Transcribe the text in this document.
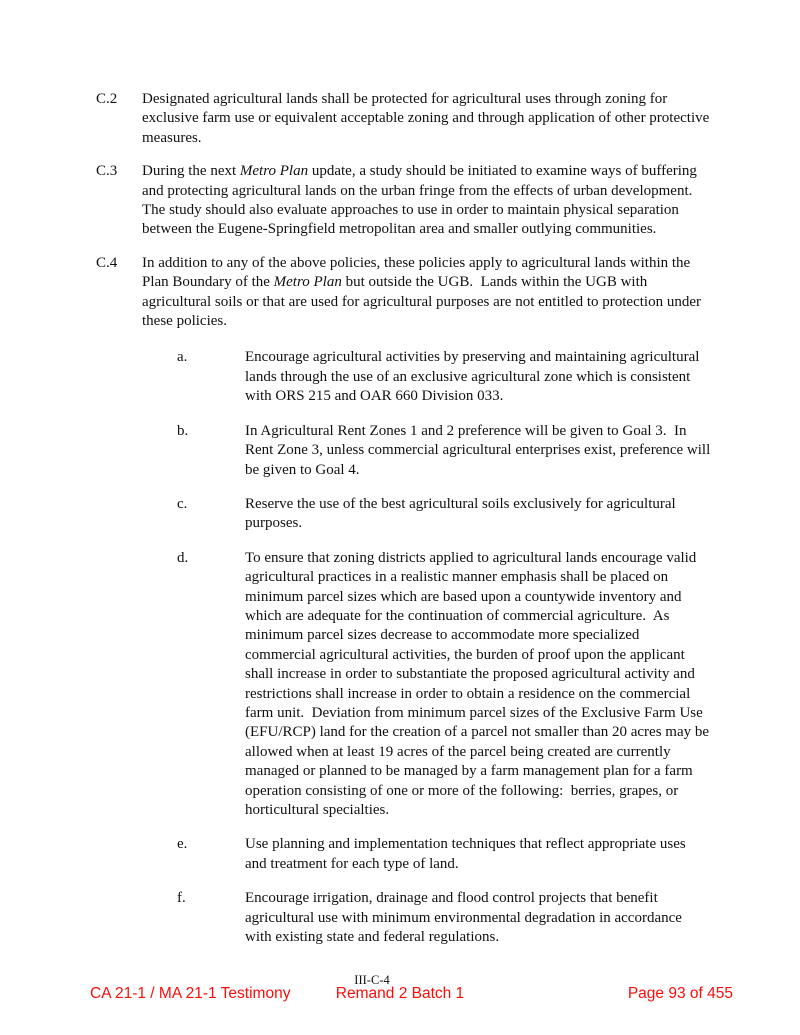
C.2	Designated agricultural lands shall be protected for agricultural uses through zoning for exclusive farm use or equivalent acceptable zoning and through application of other protective measures.

C.3	During the next Metro Plan update, a study should be initiated to examine ways of buffering and protecting agricultural lands on the urban fringe from the effects of urban development.  The study should also evaluate approaches to use in order to maintain physical separation between the Eugene-Springfield metropolitan area and smaller outlying communities.

C.4	In addition to any of the above policies, these policies apply to agricultural lands within the Plan Boundary of the Metro Plan but outside the UGB.  Lands within the UGB with agricultural soils or that are used for agricultural purposes are not entitled to protection under these policies.

a.	Encourage agricultural activities by preserving and maintaining agricultural lands through the use of an exclusive agricultural zone which is consistent with ORS 215 and OAR 660 Division 033.

b.	In Agricultural Rent Zones 1 and 2 preference will be given to Goal 3.  In Rent Zone 3, unless commercial agricultural enterprises exist, preference will be given to Goal 4.

c.	Reserve the use of the best agricultural soils exclusively for agricultural purposes.

d.	To ensure that zoning districts applied to agricultural lands encourage valid agricultural practices in a realistic manner emphasis shall be placed on minimum parcel sizes which are based upon a countywide inventory and which are adequate for the continuation of commercial agriculture.  As minimum parcel sizes decrease to accommodate more specialized commercial agricultural activities, the burden of proof upon the applicant shall increase in order to substantiate the proposed agricultural activity and restrictions shall increase in order to obtain a residence on the commercial farm unit.  Deviation from minimum parcel sizes of the Exclusive Farm Use (EFU/RCP) land for the creation of a parcel not smaller than 20 acres may be allowed when at least 19 acres of the parcel being created are currently managed or planned to be managed by a farm management plan for a farm operation consisting of one or more of the following:  berries, grapes, or horticultural specialties.

e.	Use planning and implementation techniques that reflect appropriate uses and treatment for each type of land.

f.	Encourage irrigation, drainage and flood control projects that benefit agricultural use with minimum environmental degradation in accordance with existing state and federal regulations.

III-C-4
CA 21-1 / MA 21-1 Testimony	Remand 2 Batch 1	Page 93 of 455
